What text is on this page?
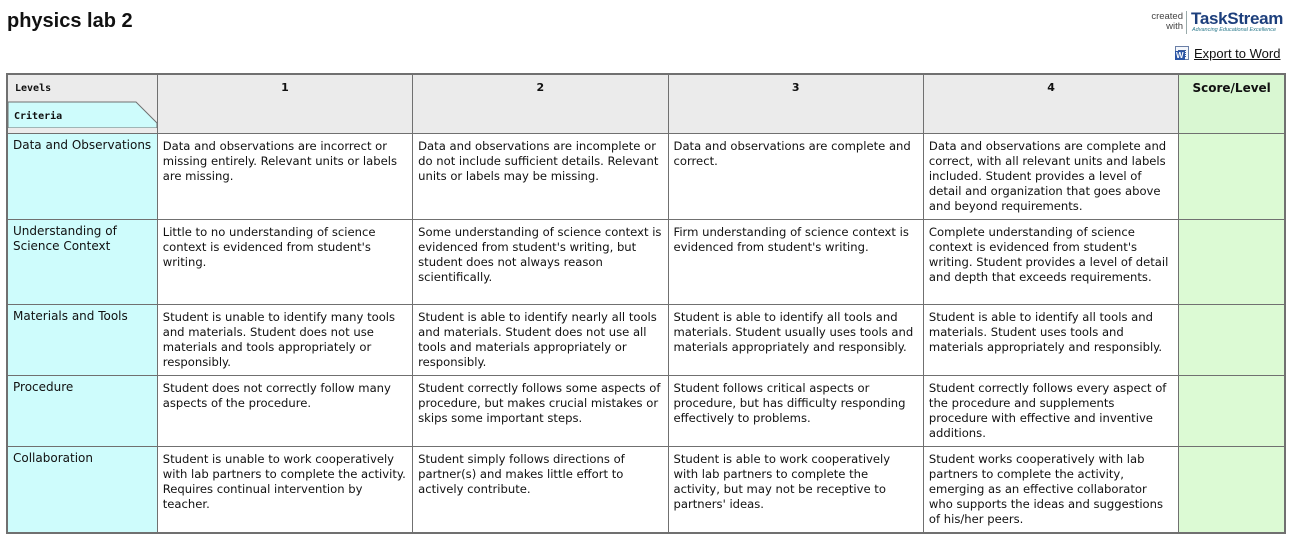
physics lab 2	created
with TaskStream
Advancing Educational Excellence
W
Export to Word
Levels
Criteria	1	2	3	4	Score/Level
Data and Observations	Data and observations are incorrect or missing entirely. Relevant units or labels are missing.	Data and observations are incomplete or do not include sufficient details. Relevant units or labels may be missing.	Data and observations are complete and correct.	Data and observations are complete and correct, with all relevant units and labels included. Student provides a level of detail and organization that goes above and beyond requirements.	
Understanding of Science Context	Little to no understanding of science context is evidenced from student's writing.	Some understanding of science context is evidenced from student's writing, but student does not always reason scientifically.	Firm understanding of science context is evidenced from student's writing.	Complete understanding of science context is evidenced from student's writing. Student provides a level of detail and depth that exceeds requirements.	
Materials and Tools	Student is unable to identify many tools and materials. Student does not use materials and tools appropriately or responsibly.	Student is able to identify nearly all tools and materials. Student does not use all tools and materials appropriately or responsibly.	Student is able to identify all tools and materials. Student usually uses tools and materials appropriately and responsibly.	Student is able to identify all tools and materials. Student uses tools and materials appropriately and responsibly.	
Procedure	Student does not correctly follow many aspects of the procedure.	Student correctly follows some aspects of procedure, but makes crucial mistakes or skips some important steps.	Student follows critical aspects or procedure, but has difficulty responding effectively to problems.	Student correctly follows every aspect of the procedure and supplements procedure with effective and inventive additions.	
Collaboration	Student is unable to work cooperatively with lab partners to complete the activity. Requires continual intervention by teacher.	Student simply follows directions of partner(s) and makes little effort to actively contribute.	Student is able to work cooperatively with lab partners to complete the activity, but may not be receptive to partners' ideas.	Student works cooperatively with lab partners to complete the activity, emerging as an effective collaborator who supports the ideas and suggestions of his/her peers.	
